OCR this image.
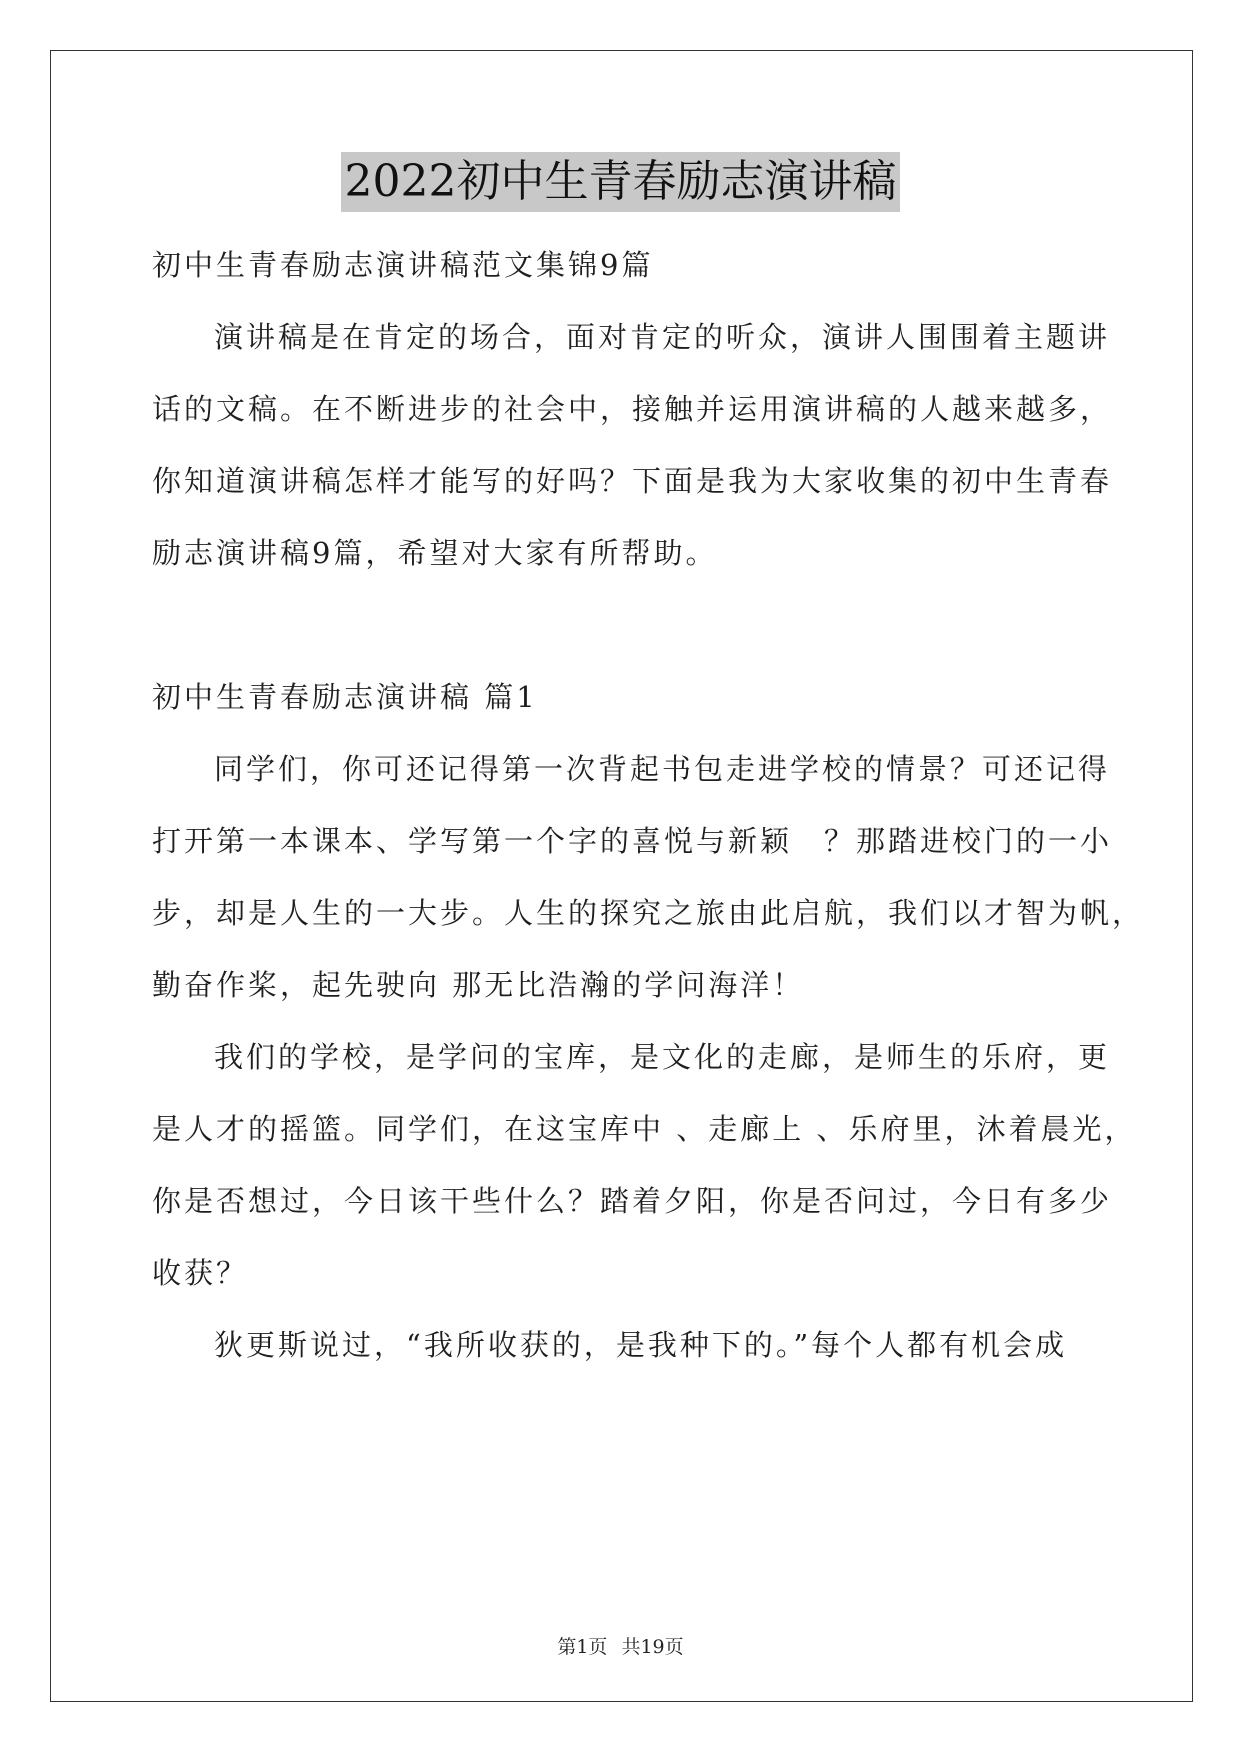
2022初中生青春励志演讲稿
初中生青春励志演讲稿范文集锦9篇
演讲稿是在肯定的场合，面对肯定的听众，演讲人围围着主题讲
话的文稿。在不断进步的社会中，接触并运用演讲稿的人越来越多，
你知道演讲稿怎样才能写的好吗？下面是我为大家收集的初中生青春
励志演讲稿9篇，希望对大家有所帮助。
初中生青春励志演讲稿 篇1
同学们，你可还记得第一次背起书包走进学校的情景？可还记得
打开第一本课本、学写第一个字的喜悦与新颖　？那踏进校门的一小
步，却是人生的一大步。人生的探究之旅由此启航，我们以才智为帆，
勤奋作桨，起先驶向 那无比浩瀚的学问海洋！
我们的学校，是学问的宝库，是文化的走廊，是师生的乐府，更
是人才的摇篮。同学们，在这宝库中 、走廊上 、乐府里，沐着晨光，
你是否想过，今日该干些什么？踏着夕阳，你是否问过，今日有多少
收获？
狄更斯说过，“我所收获的，是我种下的。”每个人都有机会成
第1页 共19页
